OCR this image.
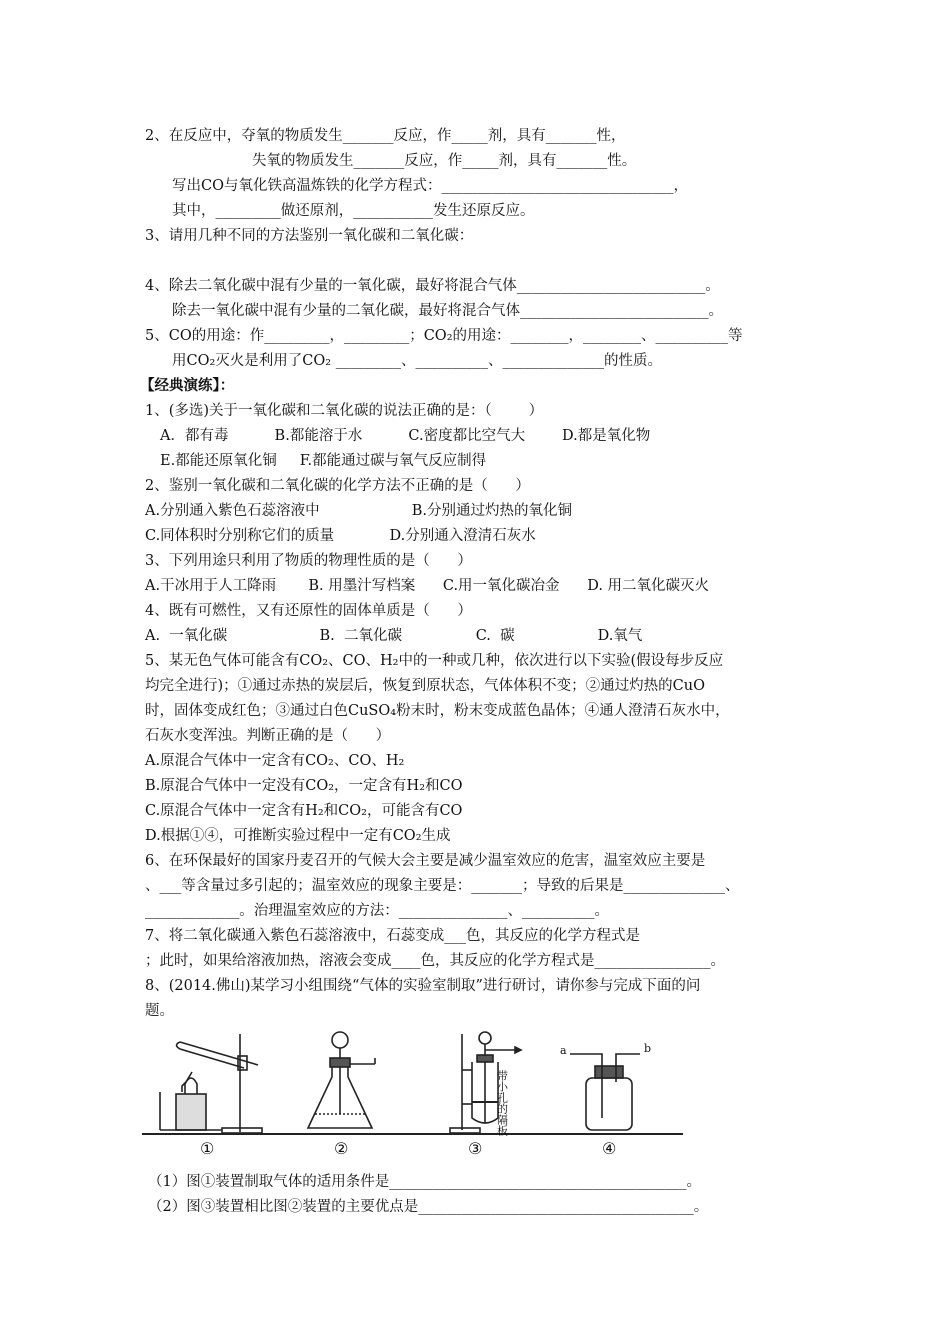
2、在反应中，夺氧的物质发生_______反应，作_____剂，具有_______性，
失氧的物质发生_______反应，作_____剂，具有_______性。
写出CO与氧化铁高温炼铁的化学方程式：________________________________，
其中，_________做还原剂，___________发生还原反应。
3、请用几种不同的方法鉴别一氧化碳和二氧化碳：
4、除去二氧化碳中混有少量的一氧化碳，最好将混合气体__________________________。
除去一氧化碳中混有少量的二氧化碳，最好将混合气体__________________________。
5、CO的用途：作_________，_________；CO₂的用途：________，________、__________等
用CO₂灭火是利用了CO₂ _________、__________、______________的性质。
【经典演练】：
1、(多选)关于一氧化碳和二氧化碳的说法正确的是：（        ）
A．都有毒          B.都能溶于水          C.密度都比空气大        D.都是氧化物
E.都能还原氧化铜     F.都能通过碳与氧气反应制得
2、鉴别一氧化碳和二氧化碳的化学方法不正确的是（      ）
A.分别通入紫色石蕊溶液中                    B.分别通过灼热的氧化铜
C.同体积时分别称它们的质量            D.分别通入澄清石灰水
3、下列用途只利用了物质的物理性质的是（      ）
A.干冰用于人工降雨       B. 用墨汁写档案      C.用一氧化碳冶金      D. 用二氧化碳灭火
4、既有可燃性，又有还原性的固体单质是（      ）
A.  一氧化碳                    B.  二氧化碳                C.  碳                  D.氧气
5、某无色气体可能含有CO₂、CO、H₂中的一种或几种，依次进行以下实验(假设每步反应
均完全进行)；①通过赤热的炭层后，恢复到原状态，气体体积不变；②通过灼热的CuO
时，固体变成红色；③通过白色CuSO₄粉末时，粉末变成蓝色晶体；④通人澄清石灰水中，
石灰水变浑浊。判断正确的是（      ）
A.原混合气体中一定含有CO₂、CO、H₂
B.原混合气体中一定没有CO₂，一定含有H₂和CO
C.原混合气体中一定含有H₂和CO₂，可能含有CO
D.根据①④，可推断实验过程中一定有CO₂生成
6、在环保最好的国家丹麦召开的气候大会主要是减少温室效应的危害，温室效应主要是
、___等含量过多引起的；温室效应的现象主要是：_______；导致的后果是______________、
_____________。治理温室效应的方法：_______________、__________。
7、将二氧化碳通入紫色石蕊溶液中，石蕊变成___色，其反应的化学方程式是
；此时，如果给溶液加热，溶液会变成____色，其反应的化学方程式是________________。
8、(2014.佛山)某学习小组围绕“气体的实验室制取”进行研讨，请你参与完成下面的问
题。
带小孔的隔板
a	b
①	②	③	④
（1）图①装置制取气体的适用条件是_________________________________________。
（2）图③装置相比图②装置的主要优点是______________________________________。
